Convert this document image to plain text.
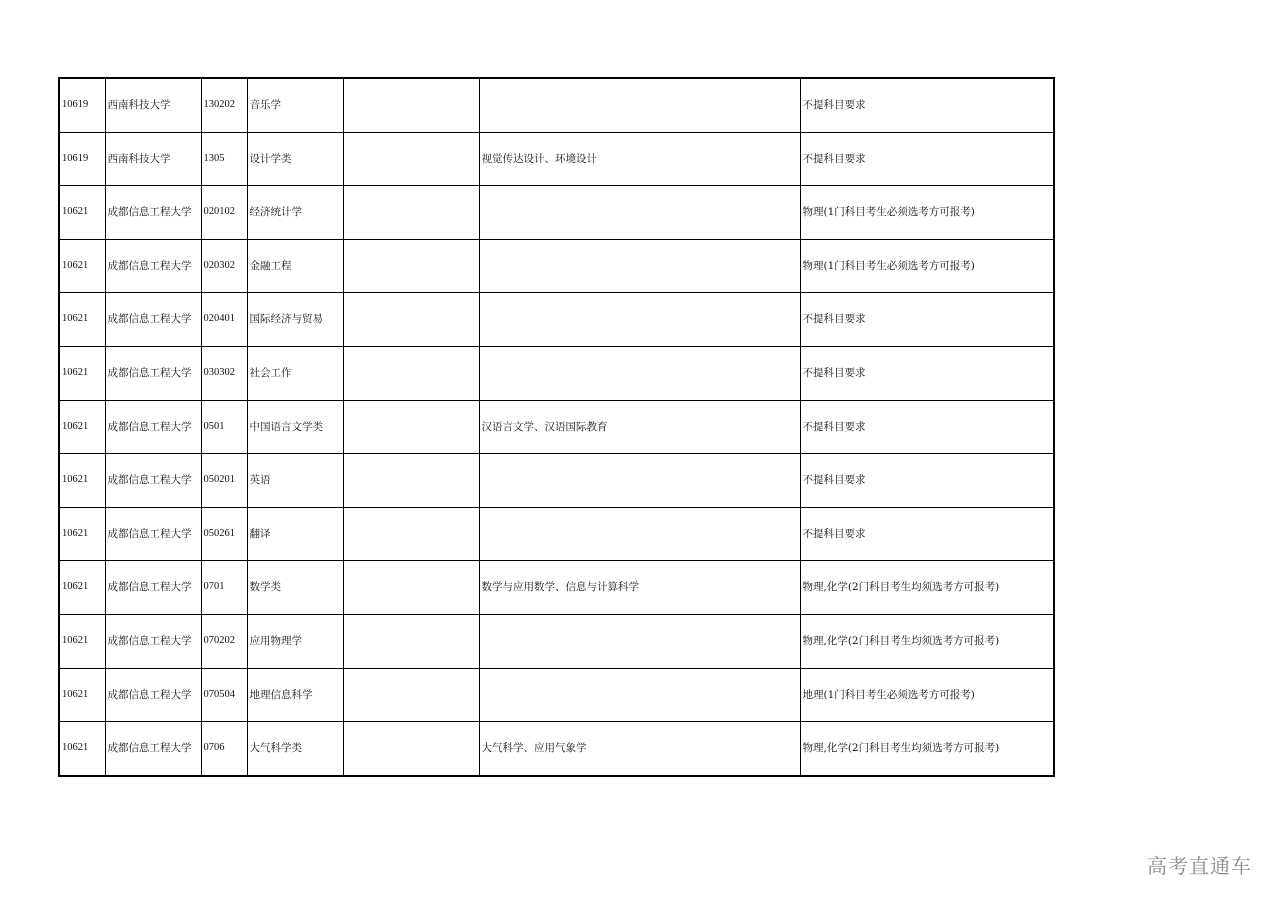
10619	西南科技大学	130202	音乐学			不提科目要求
10619	西南科技大学	1305	设计学类		视觉传达设计、环境设计	不提科目要求
10621	成都信息工程大学	020102	经济统计学			物理(1门科目考生必须选考方可报考)
10621	成都信息工程大学	020302	金融工程			物理(1门科目考生必须选考方可报考)
10621	成都信息工程大学	020401	国际经济与贸易			不提科目要求
10621	成都信息工程大学	030302	社会工作			不提科目要求
10621	成都信息工程大学	0501	中国语言文学类		汉语言文学、汉语国际教育	不提科目要求
10621	成都信息工程大学	050201	英语			不提科目要求
10621	成都信息工程大学	050261	翻译			不提科目要求
10621	成都信息工程大学	0701	数学类		数学与应用数学、信息与计算科学	物理,化学(2门科目考生均须选考方可报考)
10621	成都信息工程大学	070202	应用物理学			物理,化学(2门科目考生均须选考方可报考)
10621	成都信息工程大学	070504	地理信息科学			地理(1门科目考生必须选考方可报考)
10621	成都信息工程大学	0706	大气科学类		大气科学、应用气象学	物理,化学(2门科目考生均须选考方可报考)
高考直通车
